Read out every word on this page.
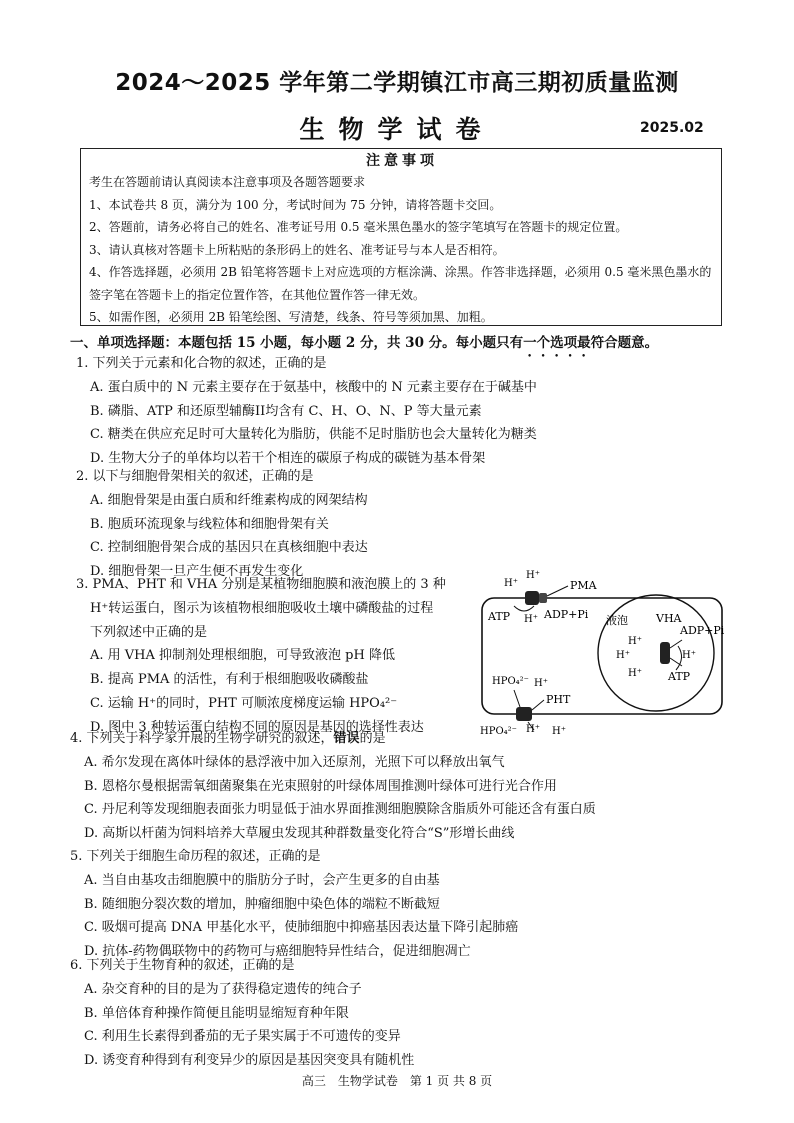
2024～2025 学年第二学期镇江市高三期初质量监测
生物学试卷	2025.02
注意事项

考生在答题前请认真阅读本注意事项及各题答题要求

1、本试卷共 8 页，满分为 100 分，考试时间为 75 分钟，请将答题卡交回。

2、答题前，请务必将自己的姓名、准考证号用 0.5 毫米黑色墨水的签字笔填写在答题卡的规定位置。

3、请认真核对答题卡上所粘贴的条形码上的姓名、准考证号与本人是否相符。

4、作答选择题，必须用 2B 铅笔将答题卡上对应选项的方框涂满、涂黑。作答非选择题，必须用 0.5 毫米黑色墨水的签字笔在答题卡上的指定位置作答，在其他位置作答一律无效。

5、如需作图，必须用 2B 铅笔绘图、写清楚，线条、符号等须加黑、加粗。

一、单项选择题：本题包括 15 小题，每小题 2 分，共 30 分。每小题只有一个选项最符合题意。

1. 下列关于元素和化合物的叙述，正确的是

A. 蛋白质中的 N 元素主要存在于氨基中，核酸中的 N 元素主要存在于碱基中

B. 磷脂、ATP 和还原型辅酶II均含有 C、H、O、N、P 等大量元素

C. 糖类在供应充足时可大量转化为脂肪，供能不足时脂肪也会大量转化为糖类

D. 生物大分子的单体均以若干个相连的碳原子构成的碳链为基本骨架

2. 以下与细胞骨架相关的叙述，正确的是

A. 细胞骨架是由蛋白质和纤维素构成的网架结构

B. 胞质环流现象与线粒体和细胞骨架有关

C. 控制细胞骨架合成的基因只在真核细胞中表达

D. 细胞骨架一旦产生便不再发生变化

3. PMA、PHT 和 VHA 分别是某植物细胞膜和液泡膜上的 3 种

H⁺转运蛋白，图示为该植物根细胞吸收土壤中磷酸盐的过程

下列叙述中正确的是

A. 用 VHA 抑制剂处理根细胞，可导致液泡 pH 降低

B. 提高 PMA 的活性，有利于根细胞吸收磷酸盐

C. 运输 H⁺的同时，PHT 可顺浓度梯度运输 HPO₄²⁻

D. 图中 3 种转运蛋白结构不同的原因是基因的选择性表达

H⁺
H⁺
PMA
ATP H⁺ ADP+Pi 液泡	VHA
ADP+Pi
H⁺
H⁺	H⁺
H⁺ ATP
HPO₄²⁻ H⁺
PHT
HPO₄²⁻ H⁺ H⁺

4. 下列关于科学家开展的生物学研究的叙述，错误的是

A. 希尔发现在离体叶绿体的悬浮液中加入还原剂，光照下可以释放出氧气

B. 恩格尔曼根据需氧细菌聚集在光束照射的叶绿体周围推测叶绿体可进行光合作用

C. 丹尼利等发现细胞表面张力明显低于油水界面推测细胞膜除含脂质外可能还含有蛋白质

D. 高斯以杆菌为饲料培养大草履虫发现其种群数量变化符合“S”形增长曲线

5. 下列关于细胞生命历程的叙述，正确的是

A. 当自由基攻击细胞膜中的脂肪分子时，会产生更多的自由基

B. 随细胞分裂次数的增加，肿瘤细胞中染色体的端粒不断截短

C. 吸烟可提高 DNA 甲基化水平，使肺细胞中抑癌基因表达量下降引起肺癌

D. 抗体-药物偶联物中的药物可与癌细胞特异性结合，促进细胞凋亡

6. 下列关于生物育种的叙述，正确的是

A. 杂交育种的目的是为了获得稳定遗传的纯合子

B. 单倍体育种操作简便且能明显缩短育种年限

C. 利用生长素得到番茄的无子果实属于不可遗传的变异

D. 诱变育种得到有利变异少的原因是基因突变具有随机性

高三　生物学试卷　第 1 页 共 8 页
